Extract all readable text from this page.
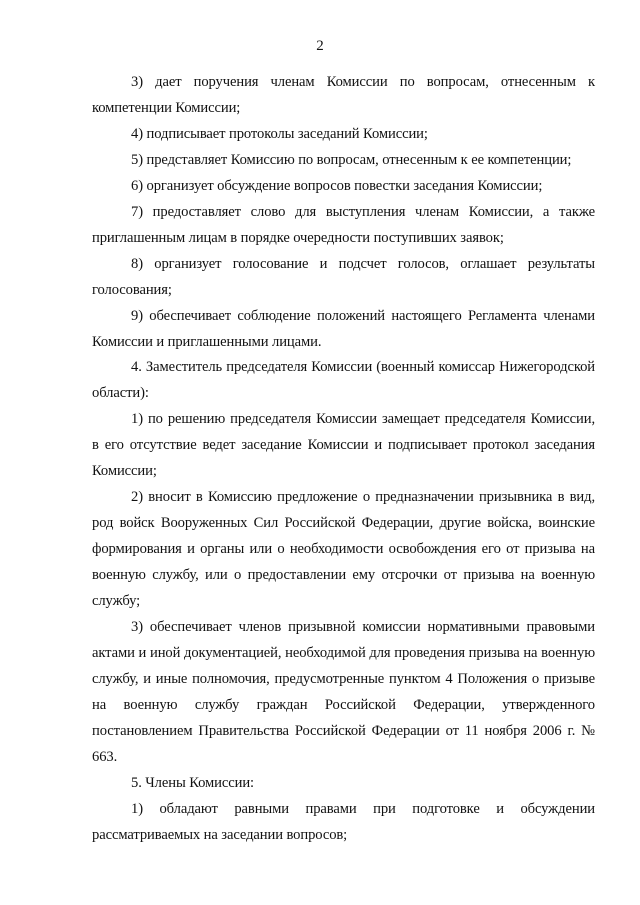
2

3) дает поручения членам Комиссии по вопросам, отнесенным к компетенции Комиссии;

4) подписывает протоколы заседаний Комиссии;

5) представляет Комиссию по вопросам, отнесенным к ее компетенции;

6) организует обсуждение вопросов повестки заседания Комиссии;

7) предоставляет слово для выступления членам Комиссии, а также приглашенным лицам в порядке очередности поступивших заявок;

8) организует голосование и подсчет голосов, оглашает результаты голосования;

9) обеспечивает соблюдение положений настоящего Регламента членами Комиссии и приглашенными лицами.

4. Заместитель председателя Комиссии (военный комиссар Нижегородской области):

1) по решению председателя Комиссии замещает председателя Комиссии, в его отсутствие ведет заседание Комиссии и подписывает протокол заседания Комиссии;

2) вносит в Комиссию предложение о предназначении призывника в вид, род войск Вооруженных Сил Российской Федерации, другие войска, воинские формирования и органы или о необходимости освобождения его от призыва на военную службу, или о предоставлении ему отсрочки от призыва на военную службу;

3) обеспечивает членов призывной комиссии нормативными правовыми актами и иной документацией, необходимой для проведения призыва на военную службу, и иные полномочия, предусмотренные пунктом 4 Положения о призыве на военную службу граждан Российской Федерации, утвержденного постановлением Правительства Российской Федерации от 11 ноября 2006 г. № 663.

5. Члены Комиссии:

1) обладают равными правами при подготовке и обсуждении рассматриваемых на заседании вопросов;
